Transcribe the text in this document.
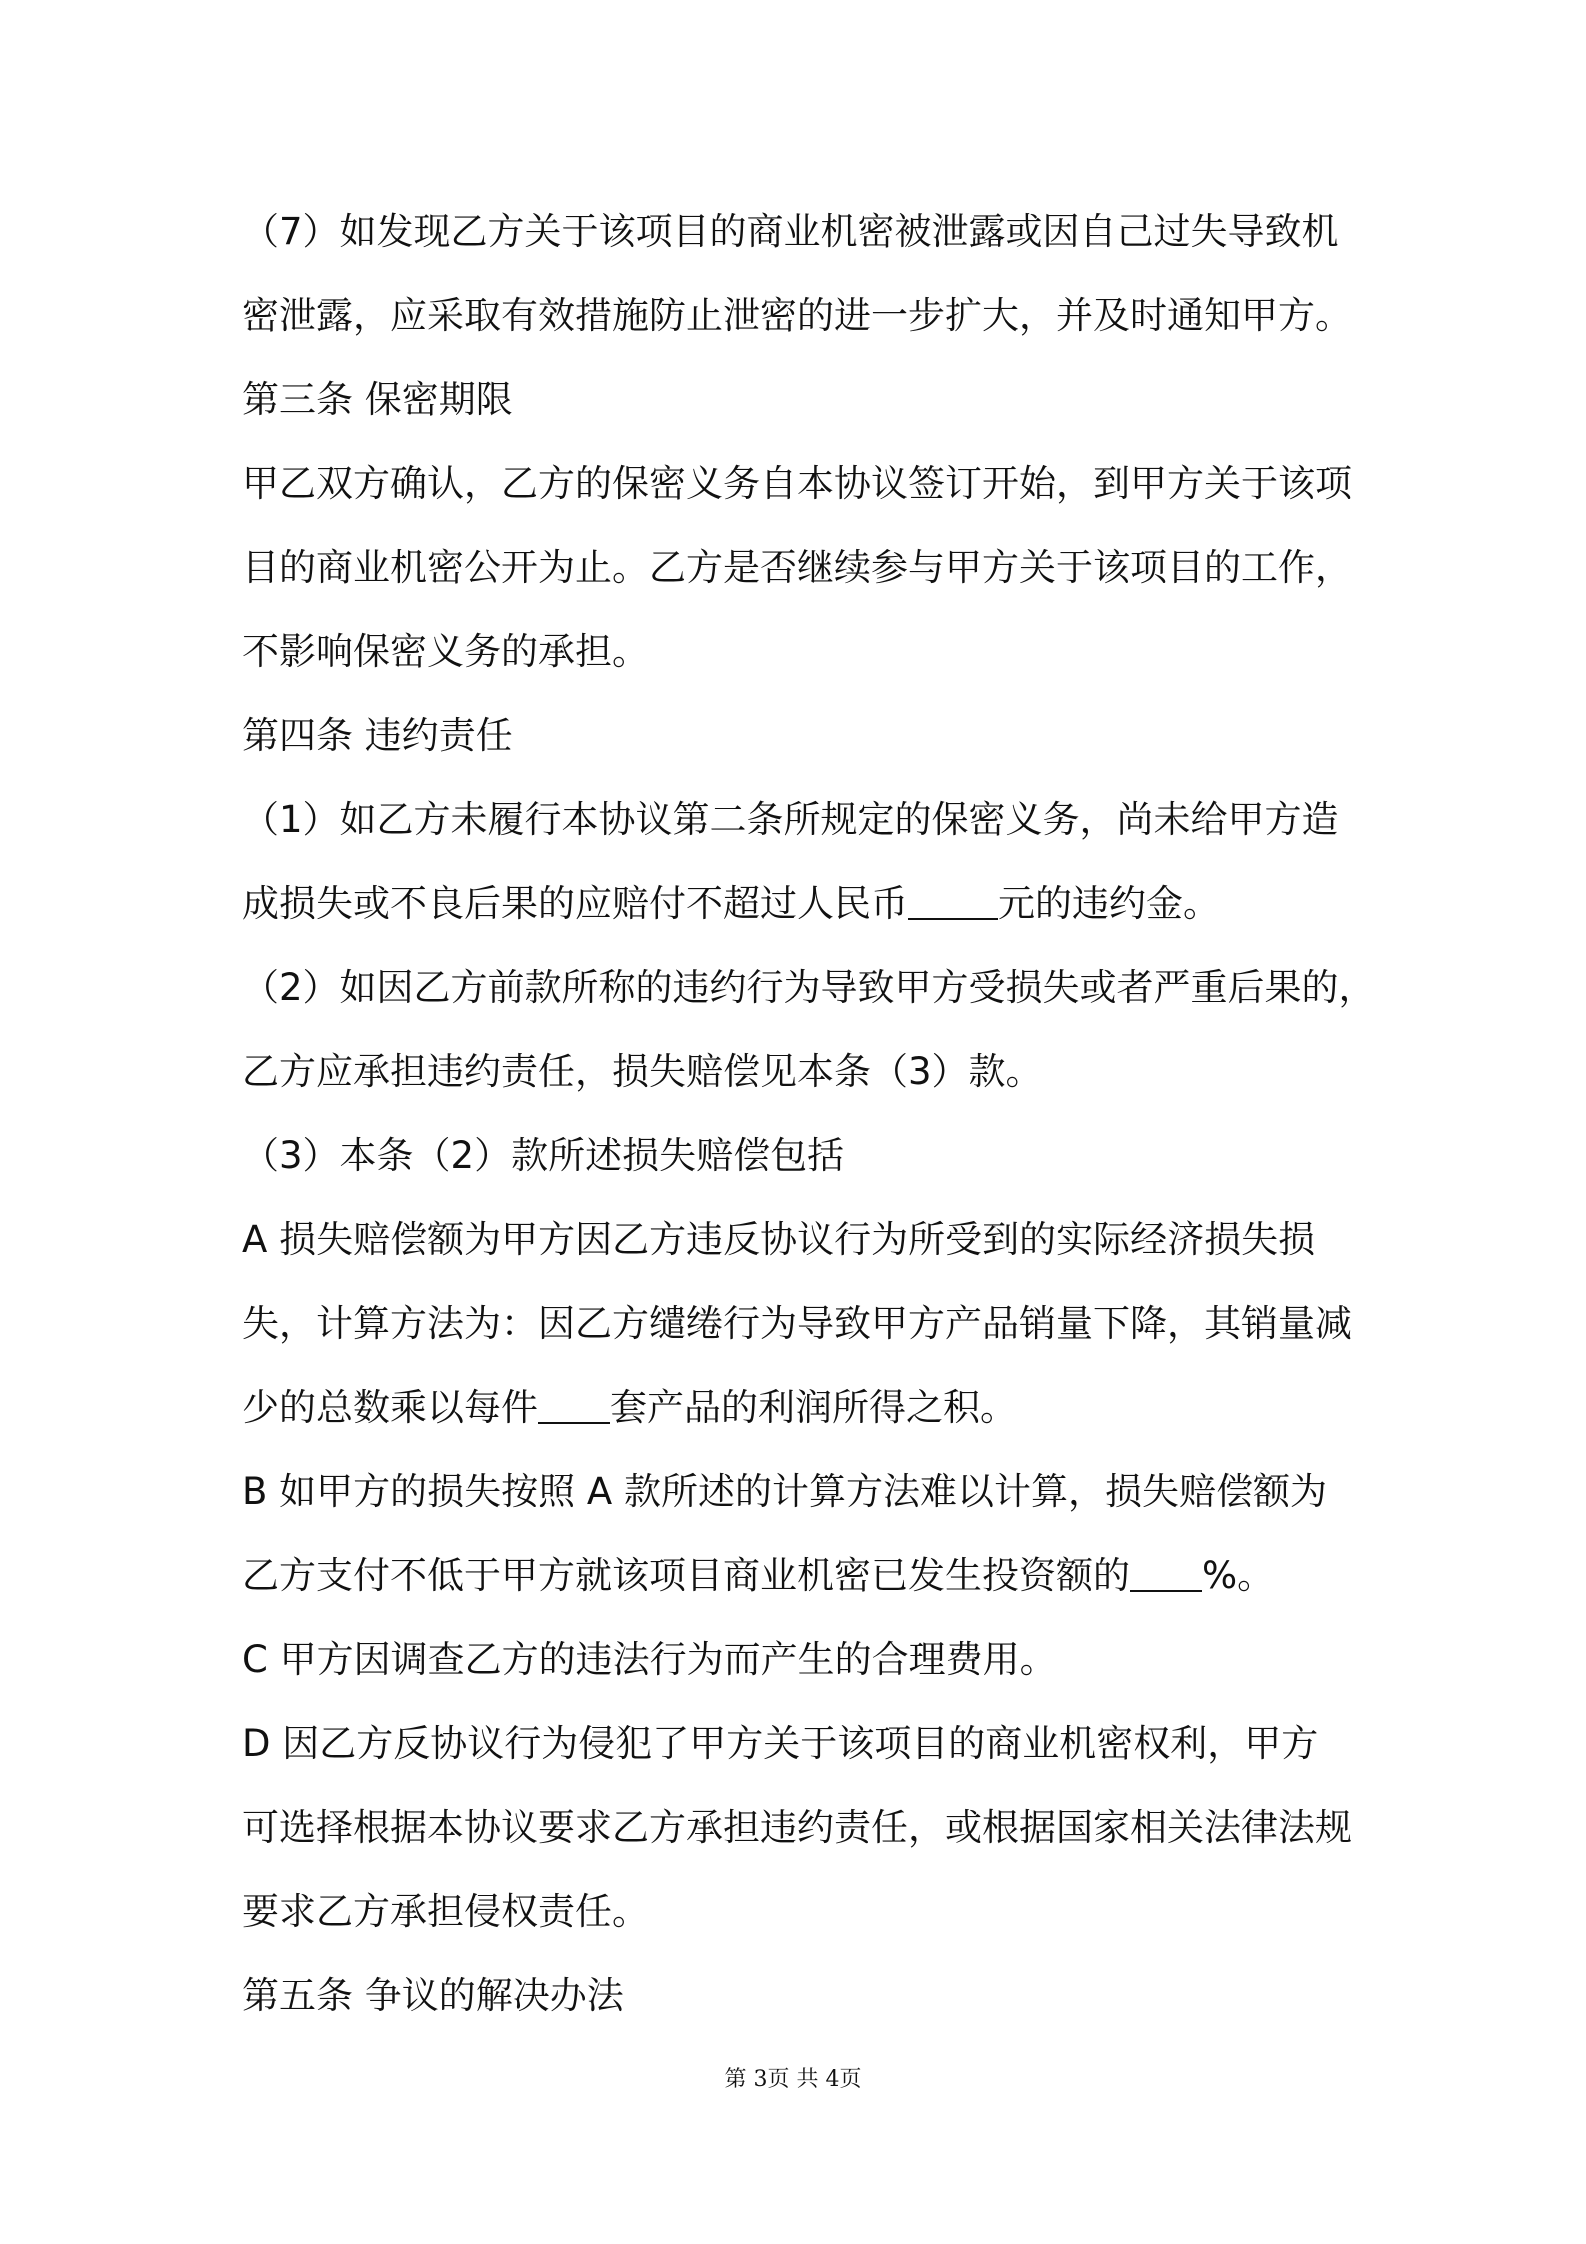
（7）如发现乙方关于该项目的商业机密被泄露或因自己过失导致机
密泄露，应采取有效措施防止泄密的进一步扩大，并及时通知甲方。
第三条 保密期限
甲乙双方确认，乙方的保密义务自本协议签订开始，到甲方关于该项
目的商业机密公开为止。乙方是否继续参与甲方关于该项目的工作，
不影响保密义务的承担。
第四条 违约责任
（1）如乙方未履行本协议第二条所规定的保密义务，尚未给甲方造
成损失或不良后果的应赔付不超过人民币 元的违约金。
（2）如因乙方前款所称的违约行为导致甲方受损失或者严重后果的，
乙方应承担违约责任，损失赔偿见本条（3）款。
（3）本条（2）款所述损失赔偿包括
A 损失赔偿额为甲方因乙方违反协议行为所受到的实际经济损失损
失，计算方法为：因乙方缱绻行为导致甲方产品销量下降，其销量减
少的总数乘以每件 套产品的利润所得之积。
B 如甲方的损失按照 A 款所述的计算方法难以计算，损失赔偿额为
乙方支付不低于甲方就该项目商业机密已发生投资额的 %。
C 甲方因调查乙方的违法行为而产生的合理费用。
D 因乙方反协议行为侵犯了甲方关于该项目的商业机密权利，甲方
可选择根据本协议要求乙方承担违约责任，或根据国家相关法律法规
要求乙方承担侵权责任。
第五条 争议的解决办法
第 3页 共 4页
